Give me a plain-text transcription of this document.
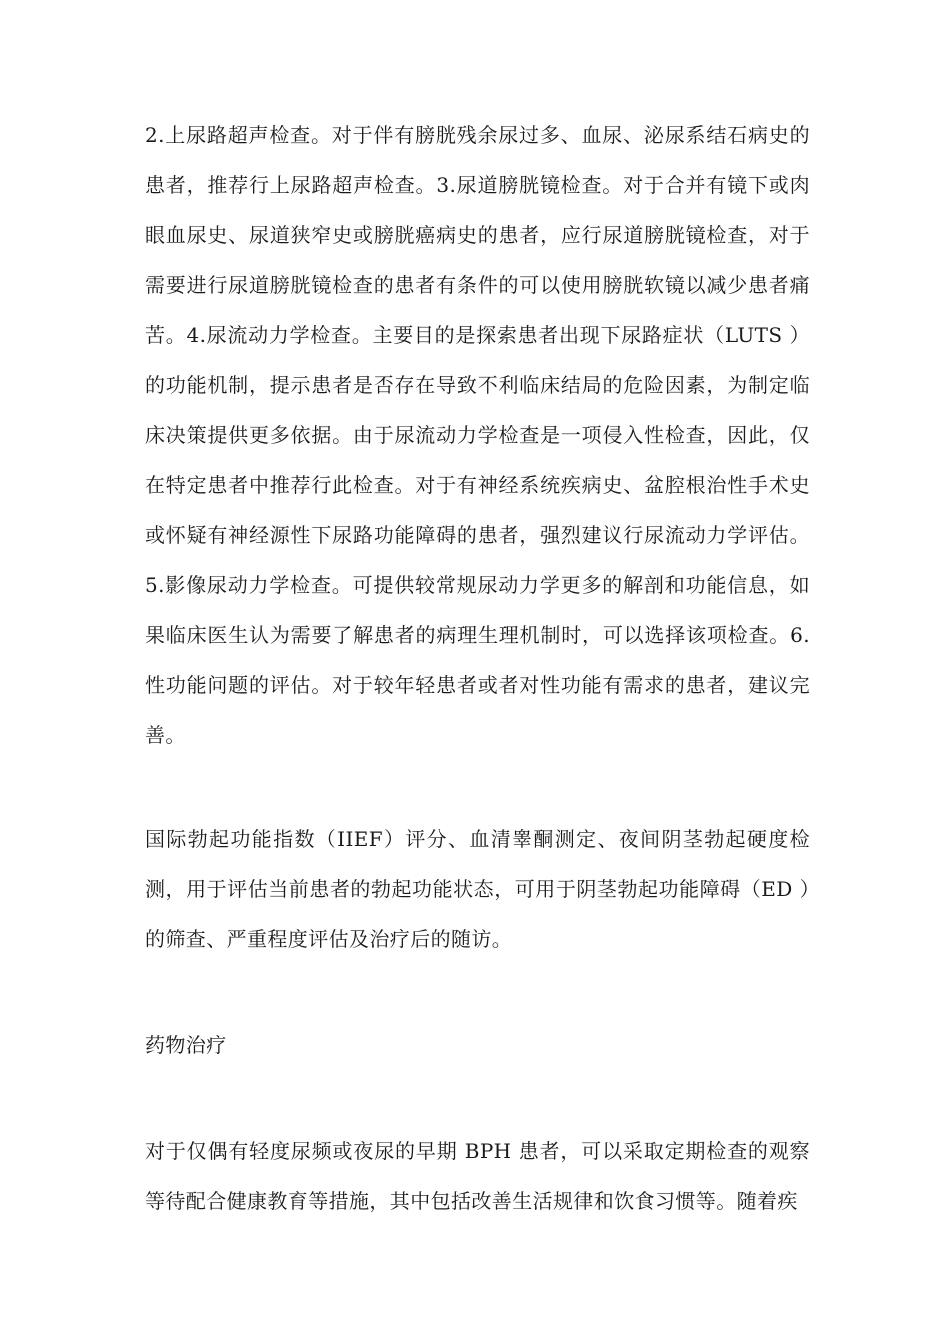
2.上尿路超声检查。对于伴有膀胱残余尿过多、血尿、泌尿系结石病史的患者，推荐行上尿路超声检查。3.尿道膀胱镜检查。对于合并有镜下或肉眼血尿史、尿道狭窄史或膀胱癌病史的患者，应行尿道膀胱镜检查，对于需要进行尿道膀胱镜检查的患者有条件的可以使用膀胱软镜以减少患者痛苦。4.尿流动力学检查。主要目的是探索患者出现下尿路症状（LUTS ）的功能机制，提示患者是否存在导致不利临床结局的危险因素，为制定临床决策提供更多依据。由于尿流动力学检查是一项侵入性检查，因此，仅在特定患者中推荐行此检查。对于有神经系统疾病史、盆腔根治性手术史或怀疑有神经源性下尿路功能障碍的患者，强烈建议行尿流动力学评估。5.影像尿动力学检查。可提供较常规尿动力学更多的解剖和功能信息，如果临床医生认为需要了解患者的病理生理机制时，可以选择该项检查。6.性功能问题的评估。对于较年轻患者或者对性功能有需求的患者，建议完善。

国际勃起功能指数（IIEF）评分、血清睾酮测定、夜间阴茎勃起硬度检测，用于评估当前患者的勃起功能状态，可用于阴茎勃起功能障碍（ED ）的筛查、严重程度评估及治疗后的随访。

药物治疗

对于仅偶有轻度尿频或夜尿的早期 BPH 患者，可以采取定期检查的观察等待配合健康教育等措施，其中包括改善生活规律和饮食习惯等。随着疾
